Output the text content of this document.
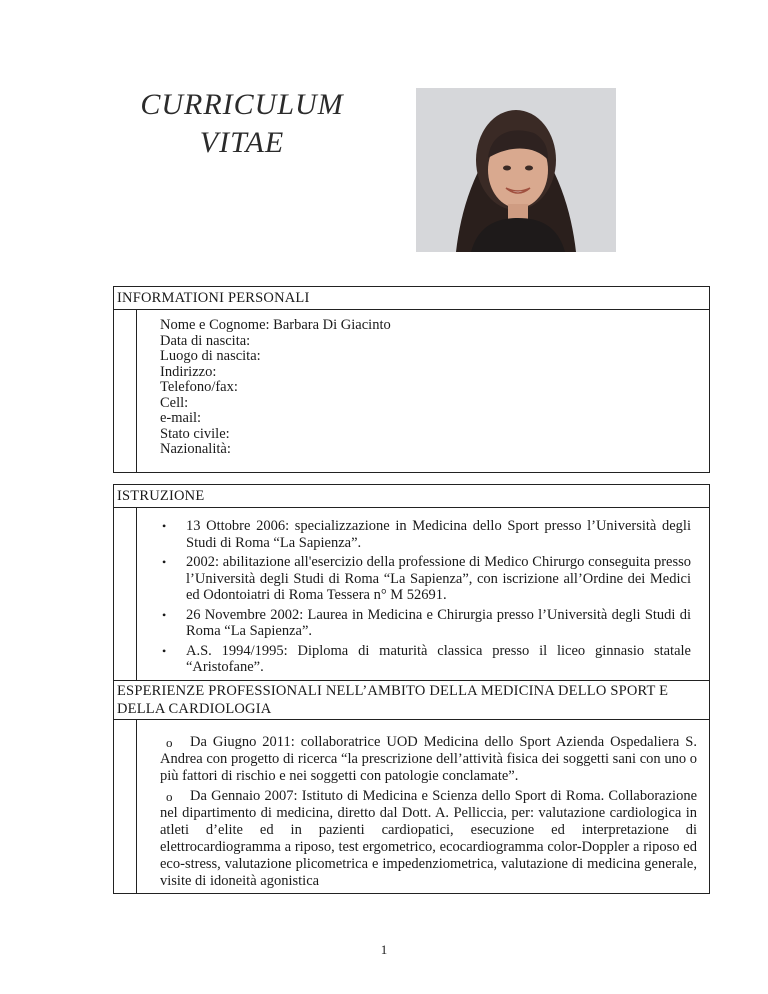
CURRICULUM
VITAE
INFORMATIONI PERSONALI
Nome e Cognome: Barbara Di Giacinto
Data di nascita:
Luogo di nascita:
Indirizzo:
Telefono/fax:
Cell:
e-mail:
Stato civile:
Nazionalità:
ISTRUZIONE
• 13 Ottobre 2006: specializzazione in Medicina dello Sport presso l’Università degli Studi di Roma “La Sapienza”.
• 2002: abilitazione all'esercizio della professione di Medico Chirurgo conseguita presso l’Università degli Studi di Roma “La Sapienza”, con iscrizione all’Ordine dei Medici ed Odontoiatri di Roma Tessera n° M 52691.
• 26 Novembre 2002: Laurea in Medicina e Chirurgia presso l’Università degli Studi di Roma “La Sapienza”.
• A.S. 1994/1995: Diploma di maturità classica presso il liceo ginnasio statale “Aristofane”.
ESPERIENZE PROFESSIONALI NELL’AMBITO DELLA MEDICINA DELLO SPORT E DELLA CARDIOLOGIA
o Da Giugno 2011: collaboratrice UOD Medicina dello Sport Azienda Ospedaliera S. Andrea con progetto di ricerca “la prescrizione dell’attività fisica dei soggetti sani con uno o più fattori di rischio e nei soggetti con patologie conclamate”.
o Da Gennaio 2007: Istituto di Medicina e Scienza dello Sport di Roma. Collaborazione nel dipartimento di medicina, diretto dal Dott. A. Pelliccia, per: valutazione cardiologica in atleti d’elite ed in pazienti cardiopatici, esecuzione ed interpretazione di elettrocardiogramma a riposo, test ergometrico, ecocardiogramma color-Doppler a riposo ed eco-stress, valutazione plicometrica e impedenziometrica, valutazione di medicina generale, visite di idoneità agonistica
1
